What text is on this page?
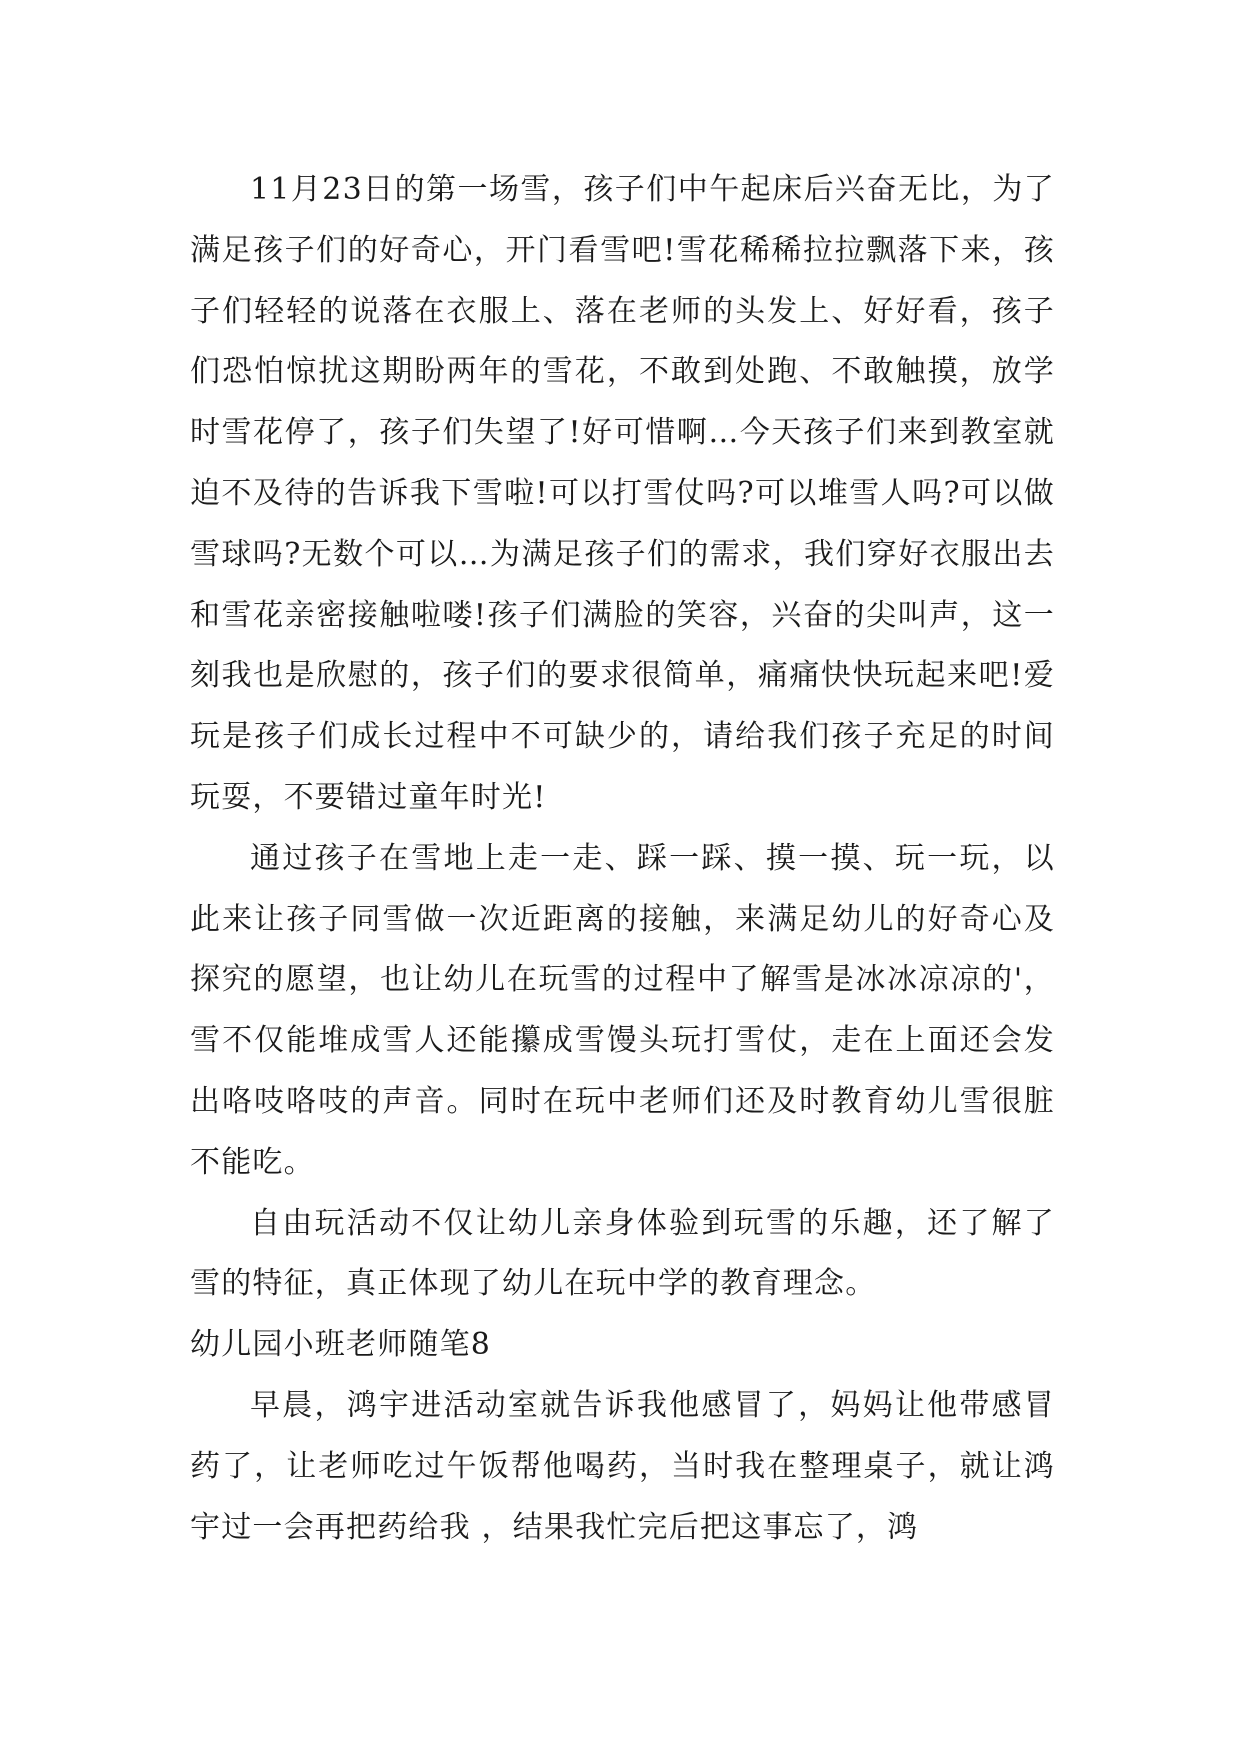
11月23日的第一场雪，孩子们中午起床后兴奋无比，为了满足孩子们的好奇心，开门看雪吧!雪花稀稀拉拉飘落下来，孩子们轻轻的说落在衣服上、落在老师的头发上、好好看，孩子们恐怕惊扰这期盼两年的雪花，不敢到处跑、不敢触摸，放学时雪花停了，孩子们失望了!好可惜啊…今天孩子们来到教室就迫不及待的告诉我下雪啦!可以打雪仗吗?可以堆雪人吗?可以做雪球吗?无数个可以…为满足孩子们的需求，我们穿好衣服出去和雪花亲密接触啦喽!孩子们满脸的笑容，兴奋的尖叫声，这一刻我也是欣慰的，孩子们的要求很简单，痛痛快快玩起来吧!爱玩是孩子们成长过程中不可缺少的，请给我们孩子充足的时间玩耍，不要错过童年时光!

通过孩子在雪地上走一走、踩一踩、摸一摸、玩一玩，以此来让孩子同雪做一次近距离的接触，来满足幼儿的好奇心及探究的愿望，也让幼儿在玩雪的过程中了解雪是冰冰凉凉的'，雪不仅能堆成雪人还能攥成雪馒头玩打雪仗，走在上面还会发出咯吱咯吱的声音。同时在玩中老师们还及时教育幼儿雪很脏不能吃。

自由玩活动不仅让幼儿亲身体验到玩雪的乐趣，还了解了雪的特征，真正体现了幼儿在玩中学的教育理念。

幼儿园小班老师随笔8

早晨，鸿宇进活动室就告诉我他感冒了，妈妈让他带感冒药了，让老师吃过午饭帮他喝药，当时我在整理桌子，就让鸿宇过一会再把药给我 ，结果我忙完后把这事忘了，鸿
